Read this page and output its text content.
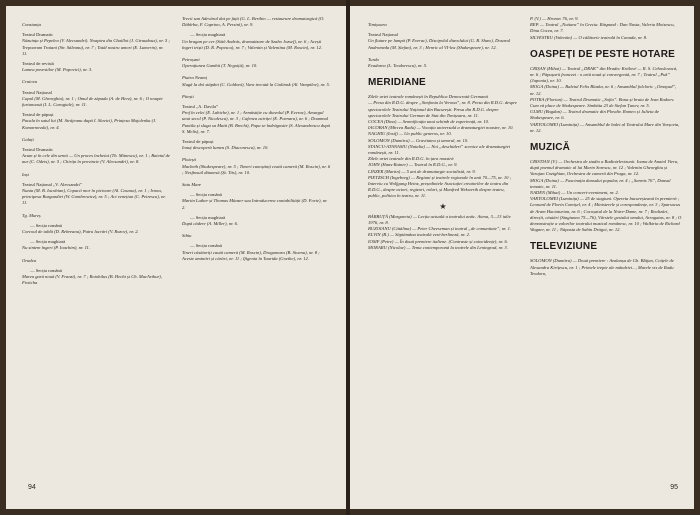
Constanța
Teatrul Dramatic
Năzuința și Pepelea (V. Alecsandri). Noaptea din Chaillot (J. Giraudoux), nr. 5 ; Trepoarum Traiani (Sir. Săleanu), nr. 7 ; Tatăl nostru umori (E. Lumerin), nr. 11.
Teatrul de revistă
Lumea povestilor (M. Popovici), nr. 3.
Craiova
Teatrul Național
Capul (M. Gheorghiu), nr. 1 ; Omul de zăpada (A. de Herz), nr. 6 ; O noapte furtunoasă (I. L. Caragiale), nr. 11.
Teatrul de păpuși
Pacala în satul lui (M. Străjeanu după I. Slavici), Prințesa Majolenka (J. Komarnovski), nr. 4.
Galați
Teatrul Dramatic
Acum și în cele din urmă — Un proces încheiat (Th. Mănescu), nr. 1 ; Baietul de aur (C. Odets), nr. 5 ; Chirița în provincie (V. Alecsandri), nr. 8.
Iași
Teatrul Național „V. Alecsandri”
Nunta (M. B. Iacobian), Copacii mor în picioare (Al. Casona), nr. 1 ; Ivona, principesa Burgundiei (W. Gombrowicz), nr. 5 ; Act venețian (C. Petrescu), nr. 11.
Tg. Mureș
— Secția română
Corcoul de tablă (D. Rebreanu), Patru lucrări (V. Rozov), nr. 2.
— Secția maghiară
Nu sintem îngeri (P. Ioachim), nr. 11.
Oradea
— Secția română
Marea gară nouă (V. Franzi), nr. 7 ; Rotobilus (B. Hecht și Ch. MacArthur), Fivitcha
Trecii san Adevărul dat pe față (G. L. Berthio — restaurare dramaturgică (O. Dăbîrba, F. Caprino, A. Persinì), nr. 9.
— Secția maghiară
Un bragan pe cer (Sütő András, dramatizare de Szabo Jozsef), nr. 6 ; Acești îngeri triști (D. R. Popescu), nr. 7 ; Valentin și Valentina (M. Roscin), nr. 12.
Petroșani
Operațiunea Gambit (T. Negoiță), nr. 10.
Piatra Neamț
Slugă la doi stăpâni (C. Goldoni), Vara trecută la Ciulimsk (Al. Vampilov), nr. 5.
Pitești
Teatrul „A. Davila”
Prof în celei (E. Labiche), nr. 1 ; Armăstiție cu diavolul (P. Everac), Amurgul unui secol (P. Niculescu), nr. 3 ; Cafenea actriței (E. Poenaru), nr. 6 ; Doamnul Puntila și sluga sa Matti (B. Brecht), Papa se îndrăgostie (S. Alexandrescu după S. Melis), nr. 7.
Teatrul de păpuși
Ionuț descoperă lumea (S. Diaconescu), nr. 10.
Ploiești
Macbeth (Shakespeare), nr. 5 ; Timeri cunoștinți ceată cameră (M. Roscin), nr. 6 ; Nesfinsuil dăunesă (Șt. Tits), nr. 10.
Satu Mare
— Secția română
Martin Luther și Thomas Münzer sau Introducerea contabilității (D. Forte), nr. 2.
— Secția maghiară
După cădere (A. Miller), nr. 6.
Sibiu
— Secția română
Tineri căsătoriți caută cameră (M. Roscin), Dragomara (B. Stoenu), nr. 8 ; Aceste amintiri și cărări, nr. 11 ; Ifigenia în Taurida (Goethe), nr. 12.
94
Timișoara
Teatrul Național
Un fluture pe lampă (P. Everac), Discipolul diavolului (G. B. Shaw), Dosarul Andromeda (M. Ștefan), nr. 3 ; Henric al VI-lea (Shakespeare), nr. 12.
Turda
Evadarea (L. Teodorescu), nr. 5.
MERIDIANE
Zilele artei teatrale românești în Republica Democrată Germană
— Presa din R.D.G. despre „Simfonia la Verona”, nr. 8. Presa din R.D.G. despre spectacolele Teatrului Național din București. Presa din R.D.G. despre spectacolele Teatrului German de Stat din Timișoara, nr. 11.
COCEA (Dina) — Semnificația unui schimb de experiență, nr. 10.
IACOBAN (Mircea Radu) — Vocația universală a dramaturgiei noastre, nr. 10.
NAGHIU (Iosif) — Un public generos, nr. 10.
SOLOMON (Dumitru) — Gravitatea și umorul, nr. 10.
STANCU-ATANASIU (Natalia) — Noi „deschideri” scenice ale dramaturgiei românești, nr. 11.
Zilele artei teatrale din R.D.G. în țara noastră
JOHN (Hans-Rainer) — Teatrul în R.D.G., nr. 9.
LINZER (Martin) — 5 ani de dramaturgie socialistă, nr. 9.
PIETZSCH (Ingeborg) — Regiuni și teatrele regionale în anii 70—75, nr. 10 ; Interviu cu Wolfgang Heinz, președintele Asociației creatorilor de teatru din R.D.G., despre actori, regizori, roluri, și Manfred Wekwerth despre teatru, public, politica în teatru, nr. 11.
★
BĂRBUȚĂ (Margareta) — Lecția actuală a teatrului antic. Atena, 3—13 iulie 1976, nr. 8.
BUZOIANU (Cătălina) — Peter Cheeseman și teatrul „de comunitate”, nr. 1.
ELVIN (B.) — Săptămâna teatrală vest-berlineză, nr. 2.
IOSIF (Petre) — În două premiere italiene. (Contraste și coincidențe), nr. 6.
MORARU (Nicolae) — Tema contemporană la teatrele din Leningrad, nr. 3.
P. (V.) — Hronov 76, nr. 9.
REP. — Teatrul „Nottara” în Grecia. Răspund : Dan Nasta, Valeriu Moisescu, Dina Cocea, nr. 7.
SILVESTRU (Valentin) — O călătorie teatrală în Canada, nr. 8.
OASPEȚI DE PESTE HOTARE
CRIȘAN (Mihai) — Teatrul „DRAK” din Hradec Králové — R. S. Cehoslovacă, nr. 6 ; Păpușarii francezi : o artă nouă și convergentă, nr. 7 ; Teatrul „Puk” (Japonia), nr. 10.
MOGA (Doina) — Baletul Felix Blaska, nr. 6 ; Ansamblul folcloric „Omayad”, nr. 12.
POTRA (Florian) — Teatrul Dramatic „Sofia”. Bona și bruia de Ivan Radoev. Cum vă place de Shakespeare. Simbăta 23 de Stefan Țanev, nr. 5.
ULMU (Bogdan) — Teatrul dramatic din Plovdiv. Romeo și Julieta de Shakespeare, nr. 6.
VARTOLOMEI (Luminița) — Ansamblul de balet al Teatrului Mare din Varșovia, nr. 12.
MUZICĂ
CRISTIAN (V.) — Orchestra de studio a Radiotelevizunii. Ioana de Anatol Vieru, după poemul dramatic al lui Marin Sorescu, nr. 12 ; Valentin Gheorghiu și Varujan Cozighian, Orchestra de cameră din Praga, nr. 12.
MOGA (Doina) — Fascinația dansului popular, nr. 4 ; „Sarmis 76”, Dansul tematic, nr. 11.
NADEN (Mihai) — Un concert-eveniment, nr. 2.
VARTOLOMEI (Luminița) — 25 de stagiuni. Opereta bucureșteană în premieră ; Leonard de Florin Comișel, nr. 4 ; Ministerele și corespondențe, nr. 3 ; Sparsocus de Aram Haciaturian, nr. 6 ; Cocoșatul de la Notre-Dame, nr. 7 ; Realizări, direcții, căutări (Stagiunea 75—76), Vârstele gestului omului, Arragatas, nr. 8 ; O demonstrație a valorilor teatrului muzical românesc, nr. 10 ; Walkiria de Richard Wagner, nr. 11 ; Năpasta de Sabin Drăgoi, nr. 12.
TELEVIZIUNE
SOLOMON (Dumitru) — Două premiere : Avalanșa de Gh. Blăjan, Coițele de Alexandru Kirițescu, nr. 1 ; Primele trepte ale mândriei..., Marele vis de Radu Teodoru,
95
